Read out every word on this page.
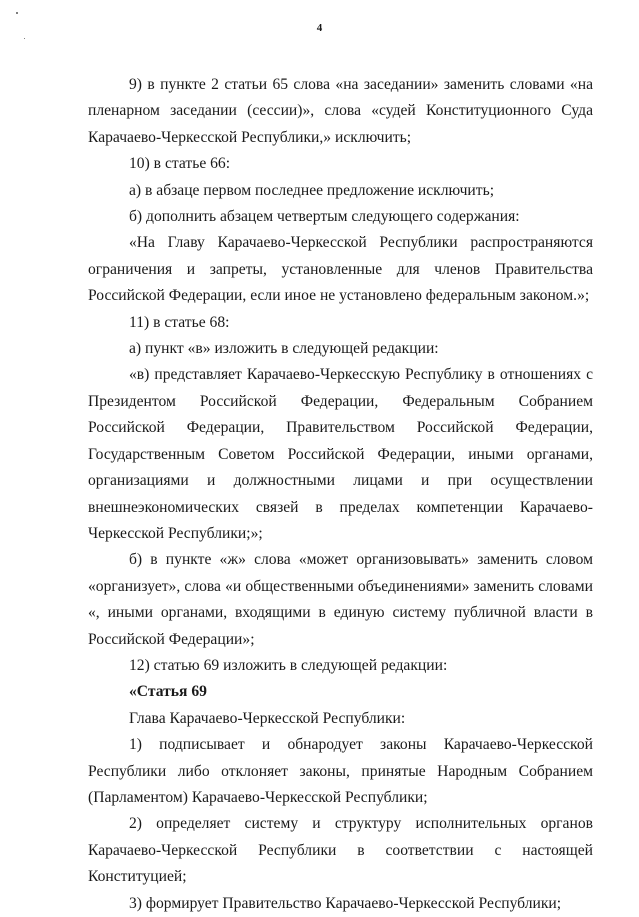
4

9) в пункте 2 статьи 65 слова «на заседании» заменить словами «на пленарном заседании (сессии)», слова «судей Конституционного Суда Карачаево-Черкесской Республики,» исключить;

10) в статье 66:

а) в абзаце первом последнее предложение исключить;

б) дополнить абзацем четвертым следующего содержания:

«На Главу Карачаево-Черкесской Республики распространяются ограничения и запреты, установленные для членов Правительства Российской Федерации, если иное не установлено федеральным законом.»;

11) в статье 68:

а) пункт «в» изложить в следующей редакции:

«в) представляет Карачаево-Черкесскую Республику в отношениях с Президентом Российской Федерации, Федеральным Собранием Российской Федерации, Правительством Российской Федерации, Государственным Советом Российской Федерации, иными органами, организациями и должностными лицами и при осуществлении внешнеэкономических связей в пределах компетенции Карачаево-Черкесской Республики;»;

б) в пункте «ж» слова «может организовывать» заменить словом «организует», слова «и общественными объединениями» заменить словами «, иными органами, входящими в единую систему публичной власти в Российской Федерации»;

12) статью 69 изложить в следующей редакции:

«Статья 69

Глава Карачаево-Черкесской Республики:

1) подписывает и обнародует законы Карачаево-Черкесской Республики либо отклоняет законы, принятые Народным Собранием (Парламентом) Карачаево-Черкесской Республики;

2) определяет систему и структуру исполнительных органов Карачаево-Черкесской Республики в соответствии с настоящей Конституцией;

3) формирует Правительство Карачаево-Черкесской Республики;
